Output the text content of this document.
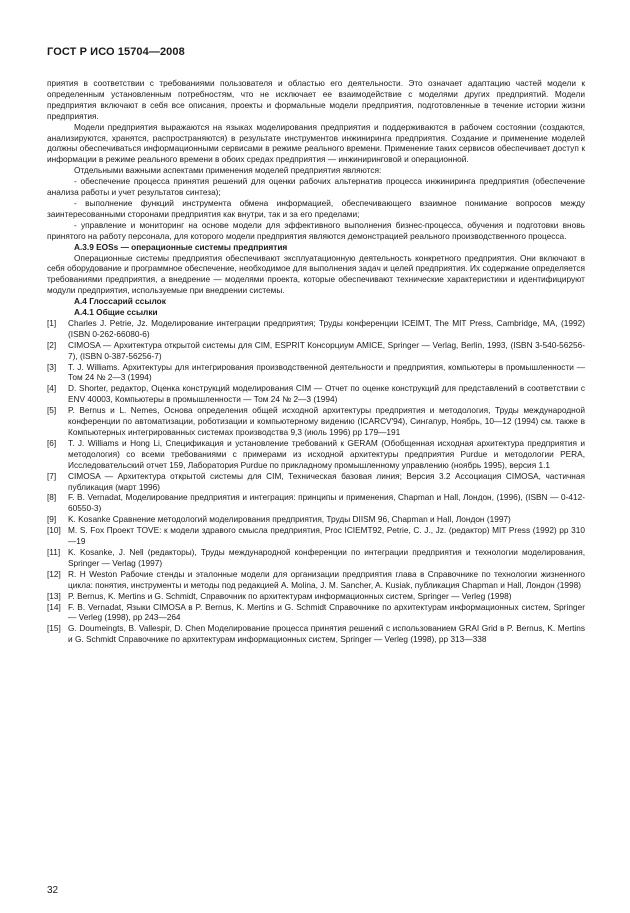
ГОСТ Р ИСО 15704—2008

приятия в соответствии с требованиями пользователя и областью его деятельности. Это означает адаптацию частей модели к определенным установленным потребностям, что не исключает ее взаимодействие с моделями других предприятий. Модели предприятия включают в себя все описания, проекты и формальные модели предприятия, подготовленные в течение истории жизни предприятия.

Модели предприятия выражаются на языках моделирования предприятия и поддерживаются в рабочем состоянии (создаются, анализируются, хранятся, распространяются) в результате инструментов инжиниринга предприятия. Создание и применение моделей должны обеспечиваться информационными сервисами в режиме реального времени. Применение таких сервисов обеспечивает доступ к информации в режиме реального времени в обоих средах предприятия — инжиниринговой и операционной.

Отдельными важными аспектами применения моделей предприятия являются:

- обеспечение процесса принятия решений для оценки рабочих альтернатив процесса инжиниринга предприятия (обеспечение анализа работы и учет результатов синтеза);

- выполнение функций инструмента обмена информацией, обеспечивающего взаимное понимание вопросов между заинтересованными сторонами предприятия как внутри, так и за его пределами;

- управление и мониторинг на основе модели для эффективного выполнения бизнес-процесса, обучения и подготовки вновь принятого на работу персонала, для которого модели предприятия являются демонстрацией реального производственного процесса.

А.3.9 EOSs — операционные системы предприятия

Операционные системы предприятия обеспечивают эксплуатационную деятельность конкретного предприятия. Они включают в себя оборудование и программное обеспечение, необходимое для выполнения задач и целей предприятия. Их содержание определяется требованиями предприятия, а внедрение — моделями проекта, которые обеспечивают технические характеристики и идентифицируют модули предприятия, используемые при внедрении системы.

А.4 Глоссарий ссылок
А.4.1 Общие ссылки
[1] Charles J. Petrie, Jz. Моделирование интеграции предприятия; Труды конференции ICEIMT, The MIT Press, Cambridge, MA, (1992) (ISBN 0-262-66080-6)
[2] CIMOSA — Архитектура открытой системы для CIM, ESPRIT Консорциум AMICE, Springer — Verlag, Berlin, 1993, (ISBN 3-540-56256-7), (ISBN 0-387-56256-7)
[3] T. J. Williams. Архитектуры для интегрирования производственной деятельности и предприятия, компьютеры в промышленности — Том 24 № 2—3 (1994)
[4] D. Shorter, редактор, Оценка конструкций моделирования CIM — Отчет по оценке конструкций для представлений в соответствии с ENV 40003, Компьютеры в промышленности — Том 24 № 2—3 (1994)
[5] P. Bernus и L. Nemes, Основа определения общей исходной архитектуры предприятия и методология, Труды международной конференции по автоматизации, роботизации и компьютерному видению (ICARCV'94), Сингапур, Ноябрь, 10—12 (1994) см. также в Компьютерных интегрированных системах производства 9,3 (июль 1996) pp 179—191
[6] T. J. Williams и Hong Li, Спецификация и установление требований к GERAM (Обобщенная исходная архитектура предприятия и методология) со всеми требованиями с примерами из исходной архитектуры предприятия Purdue и методологии PERA, Исследовательский отчет 159, Лаборатория Purdue по прикладному промышленному управлению (ноябрь 1995), версия 1.1
[7] CIMOSA — Архитектура открытой системы для CIM, Техническая базовая линия; Версия 3.2 Ассоциация CIMOSA, частичная публикация (март 1996)
[8] F. B. Vernadat, Моделирование предприятия и интеграция: принципы и применения, Chapman и Hall, Лондон, (1996), (ISBN — 0-412-60550-3)
[9] K. Kosanke Сравнение методологий моделирования предприятия, Труды DIISM 96, Chapman и Hall, Лондон (1997)
[10] M. S. Fox Проект TOVE: к модели здравого смысла предприятия, Proc ICIEMT92, Petrie, C. J., Jz. (редактор) MIT Press (1992) pp 310—19
[11] K. Kosanke, J. Nell (редакторы), Труды международной конференции по интеграции предприятия и технологии моделирования, Springer — Verlag (1997)
[12] R. H Weston Рабочие стенды и эталонные модели для организации предприятия глава в Справочнике по технологии жизненного цикла: понятия, инструменты и методы под редакцией A. Molina, J. M. Sancher, A. Kusiak, публикация Chapman и Hall, Лондон (1998)
[13] P. Bernus, K. Mertins и G. Schmidt, Справочник по архитектурам информационных систем, Springer — Verleg (1998)
[14] F. B. Vernadat, Языки CIMOSA в P. Bernus, K. Mertins и G. Schmidt Справочнике по архитектурам информационных систем, Springer — Verleg (1998), pp 243—264
[15] G. Doumeingts, B. Vallespir, D. Chen Моделирование процесса принятия решений с использованием GRAI Grid в P. Bernus, K. Mertins и G. Schmidt Справочнике по архитектурам информационных систем, Springer — Verleg (1998), pp 313—338
32
